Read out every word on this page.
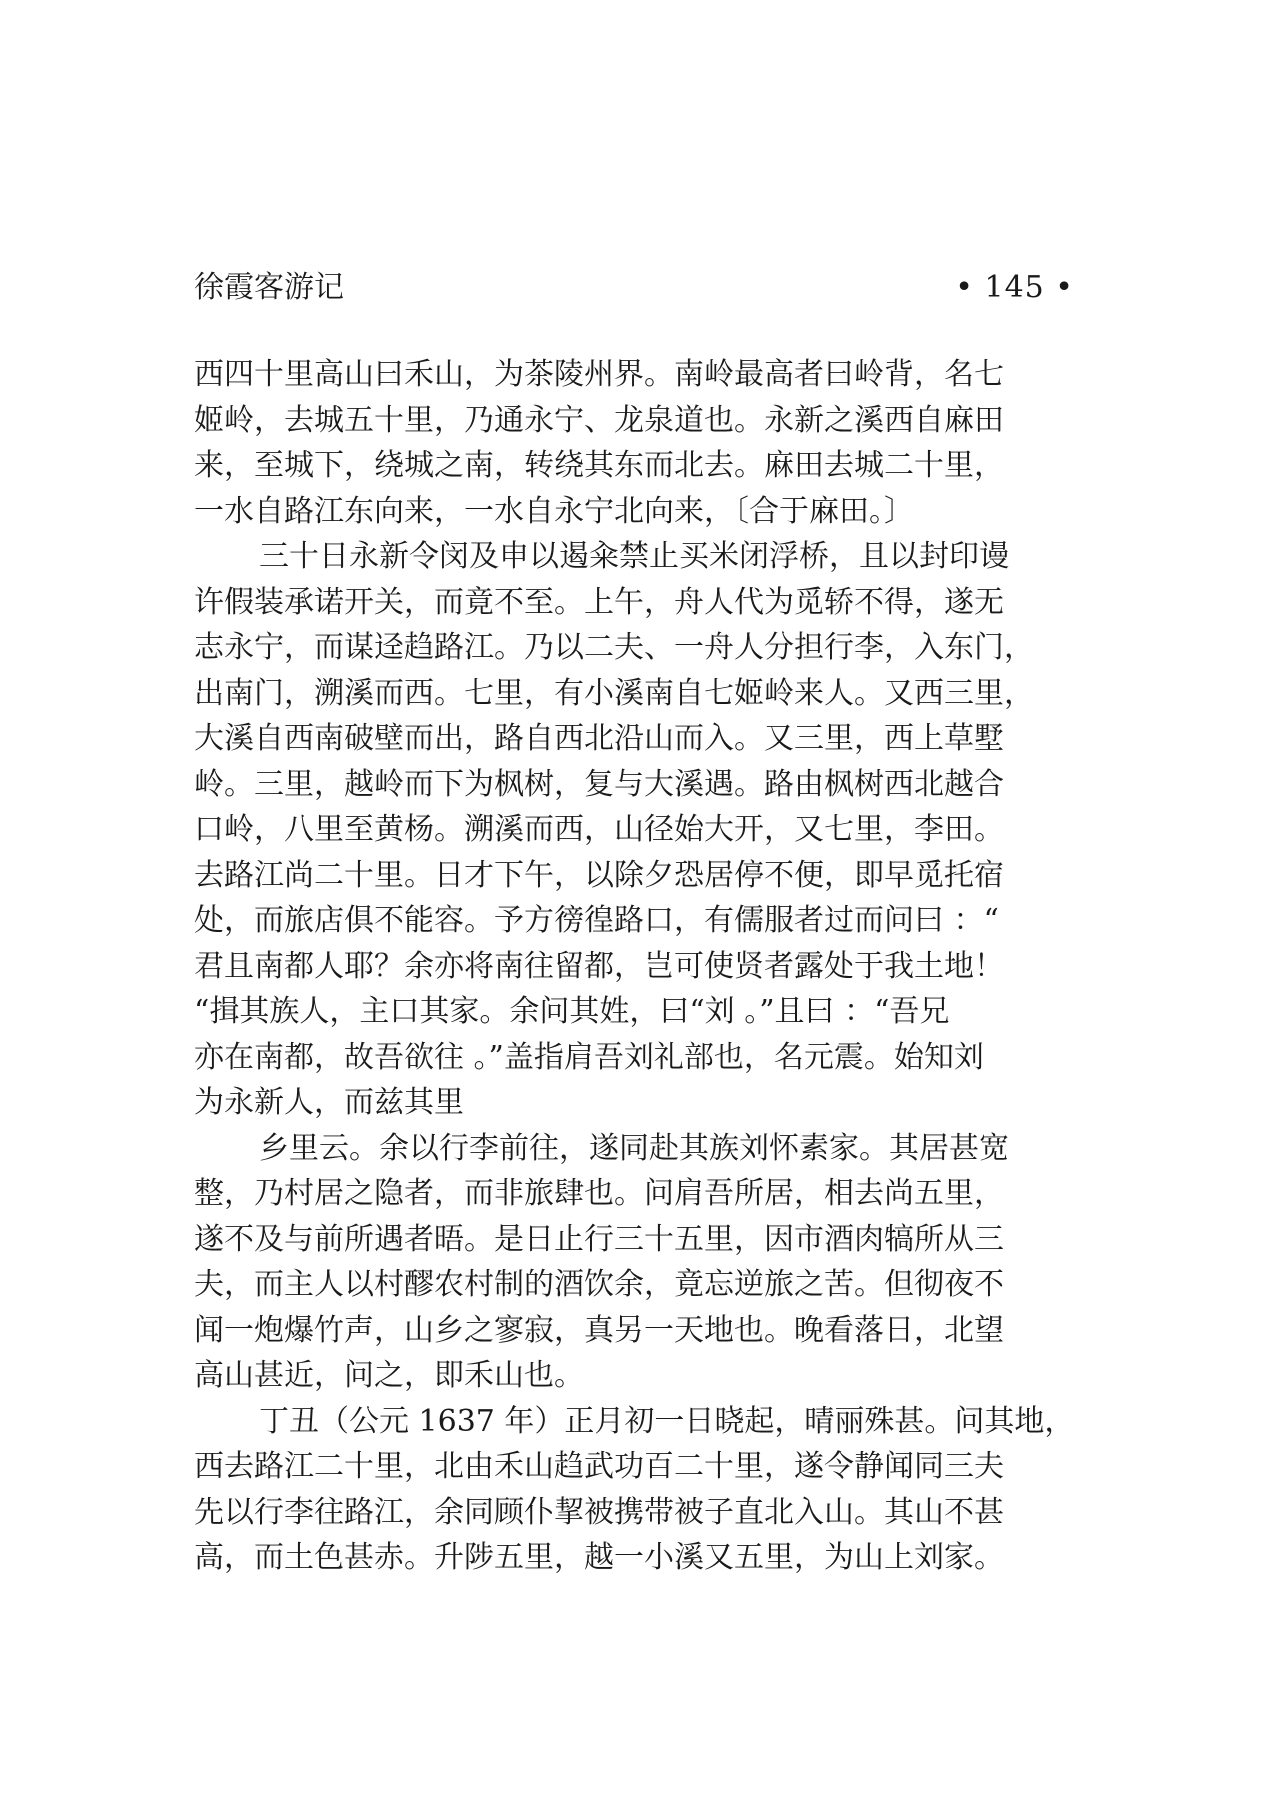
徐霞客游记	• 145 •
西四十里高山曰禾山，为茶陵州界。南岭最高者曰岭背，名七
姬岭，去城五十里，乃通永宁、龙泉道也。永新之溪西自麻田
来，至城下，绕城之南，转绕其东而北去。麻田去城二十里，
一水自路江东向来，一水自永宁北向来，〔合于麻田。〕
三十日永新令闵及申以遏籴禁止买米闭浮桥，且以封印谩
许假装承诺开关，而竟不至。上午，舟人代为觅轿不得，遂无
志永宁，而谋迳趋路江。乃以二夫、一舟人分担行李，入东门，
出南门，溯溪而西。七里，有小溪南自七姬岭来人。又西三里，
大溪自西南破壁而出，路自西北沿山而入。又三里，西上草墅
岭。三里，越岭而下为枫树，复与大溪遇。路由枫树西北越合
口岭，八里至黄杨。溯溪而西，山径始大开，又七里，李田。
去路江尚二十里。日才下午，以除夕恐居停不便，即早觅托宿
处，而旅店俱不能容。予方徬徨路口，有儒服者过而问曰 ：“
君且南都人耶？余亦将南往留都，岂可使贤者露处于我土地！
“揖其族人，主口其家。余问其姓，曰“刘 。”且曰 ：“吾兄
亦在南都，故吾欲往 。”盖指肩吾刘礼部也，名元震。始知刘
为永新人，而兹其里
乡里云。余以行李前往，遂同赴其族刘怀素家。其居甚宽
整，乃村居之隐者，而非旅肆也。问肩吾所居，相去尚五里，
遂不及与前所遇者晤。是日止行三十五里，因市酒肉犒所从三
夫，而主人以村醪农村制的酒饮余，竟忘逆旅之苦。但彻夜不
闻一炮爆竹声，山乡之寥寂，真另一天地也。晚看落日，北望
高山甚近，问之，即禾山也。
丁丑（公元 1637 年）正月初一日晓起，晴丽殊甚。问其地，
西去路江二十里，北由禾山趋武功百二十里，遂令静闻同三夫
先以行李往路江，余同顾仆挈被携带被子直北入山。其山不甚
高，而土色甚赤。升陟五里，越一小溪又五里，为山上刘家。
